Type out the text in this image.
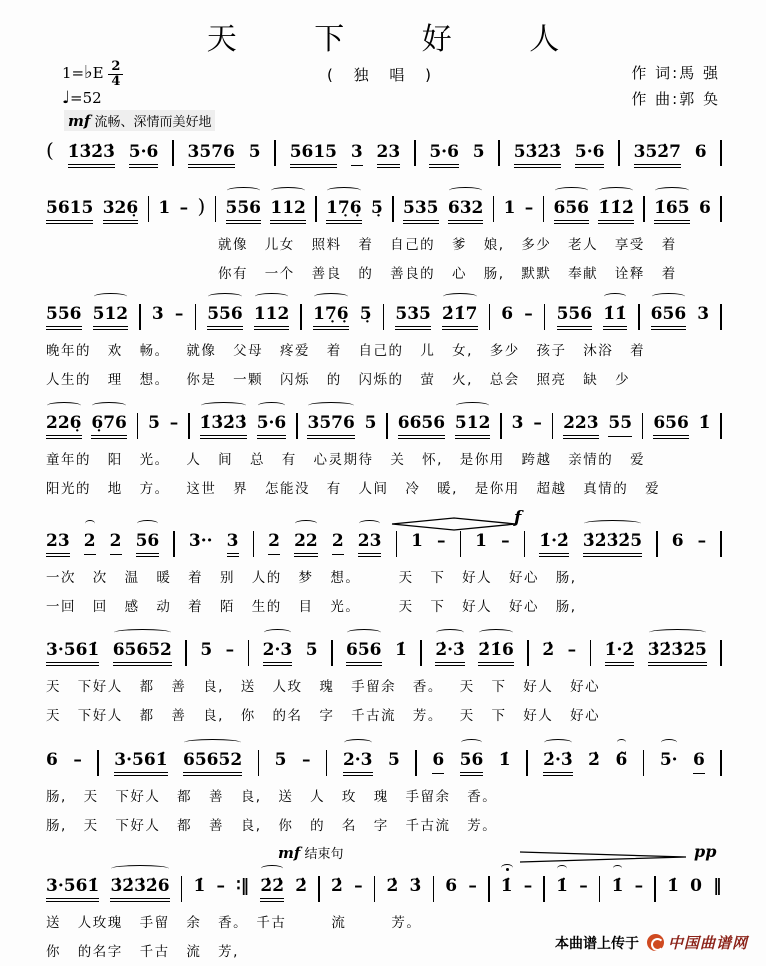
天 下 好 人
( 独 唱 )
1=♭E $\frac{2}{4}$
♩=52
mf 流畅、深情而美好地
作 词:馬 强
作 曲:郭 奂
( 1̇3̇2̇3̇ 5·6 3576 5 5615 3 23 5·6 5 53̇2̇3̇ 5·6 352̇7 6
5615 326̣ 1 – ) 556 112 17̣6̣ 5̣ 535 632 1 – 656 1̇1̇2̇ 1̇65 6
就像 儿女 照料 着 自己的 爹 娘, 多少 老人 享受 着
你有 一个 善良 的 善良的 心 肠, 默默 奉献 诠释 着
556 512 3 – 556 112 17̣6̣ 5̣ 535 2̇1̇7 6 – 556 1̇1̇ 656 3
晚年的 欢 畅。 就像 父母 疼爱 着 自己的 儿 女, 多少 孩子 沐浴 着
人生的 理 想。 你是 一颗 闪烁 的 闪烁的 萤 火, 总会 照亮 缺 少
226̣ 6̣76 5 – 1̇3̇2̇3̇ 5·6 3576 5 6656 512 3 – 223 55 656 1̇
童年的 阳 光。 人 间 总 有 心灵期待 关 怀, 是你用 跨越 亲情的 爱
阳光的 地 方。 这世 界 怎能没 有 人间 冷 暖, 是你用 超越 真情的 爱
23 2 2 56 3·· 3 2 22 2 23 1 – 1 – 1̇·2̇ 3̇2̇3̇2̇5 6 –
一次 次 温 暖 着 别 人的 梦 想。　　　天 下 好人 好心 肠,
一回 回 感 动 着 陌 生的 目 光。　　　天 下 好人 好心 肠,
3·561̇ 65652 5 – 2·3 5 656 1̇ 2̇·3̇ 2̇1̇6 2̇ – 1̇·2̇ 3̇2̇3̇2̇5
天 下好人 都 善 良, 送 人玫 瑰 手留余 香。 天 下 好人 好心
天 下好人 都 善 良, 你 的名 字 千古流 芳。 天 下 好人 好心
6 – 3·561̇ 65652 5 – 2·3 5 6 56 1̇ 2̇·3̇ 2̇ 6̃ 5· 6
肠, 天 下好人 都 善 良, 送 人 玫 瑰 手留余 香。
肠, 天 下好人 都 善 良, 你 的 名 字 千古流 芳。
3·561̇ 3̇2̇3̇2̇6 1̇ – ∶‖ 2̇2̇ 2̇ 2̇ – 2̇ 3̇ 6 – 1̇ – 1̇ – 1̇ – 1̇ 0 ‖
送 人玫瑰 手留 余 香。　千古　　　流　　　芳。
你 的名字 千古 流 芳,
f
mf 结束句	pp
本曲谱上传于 中国曲谱网
